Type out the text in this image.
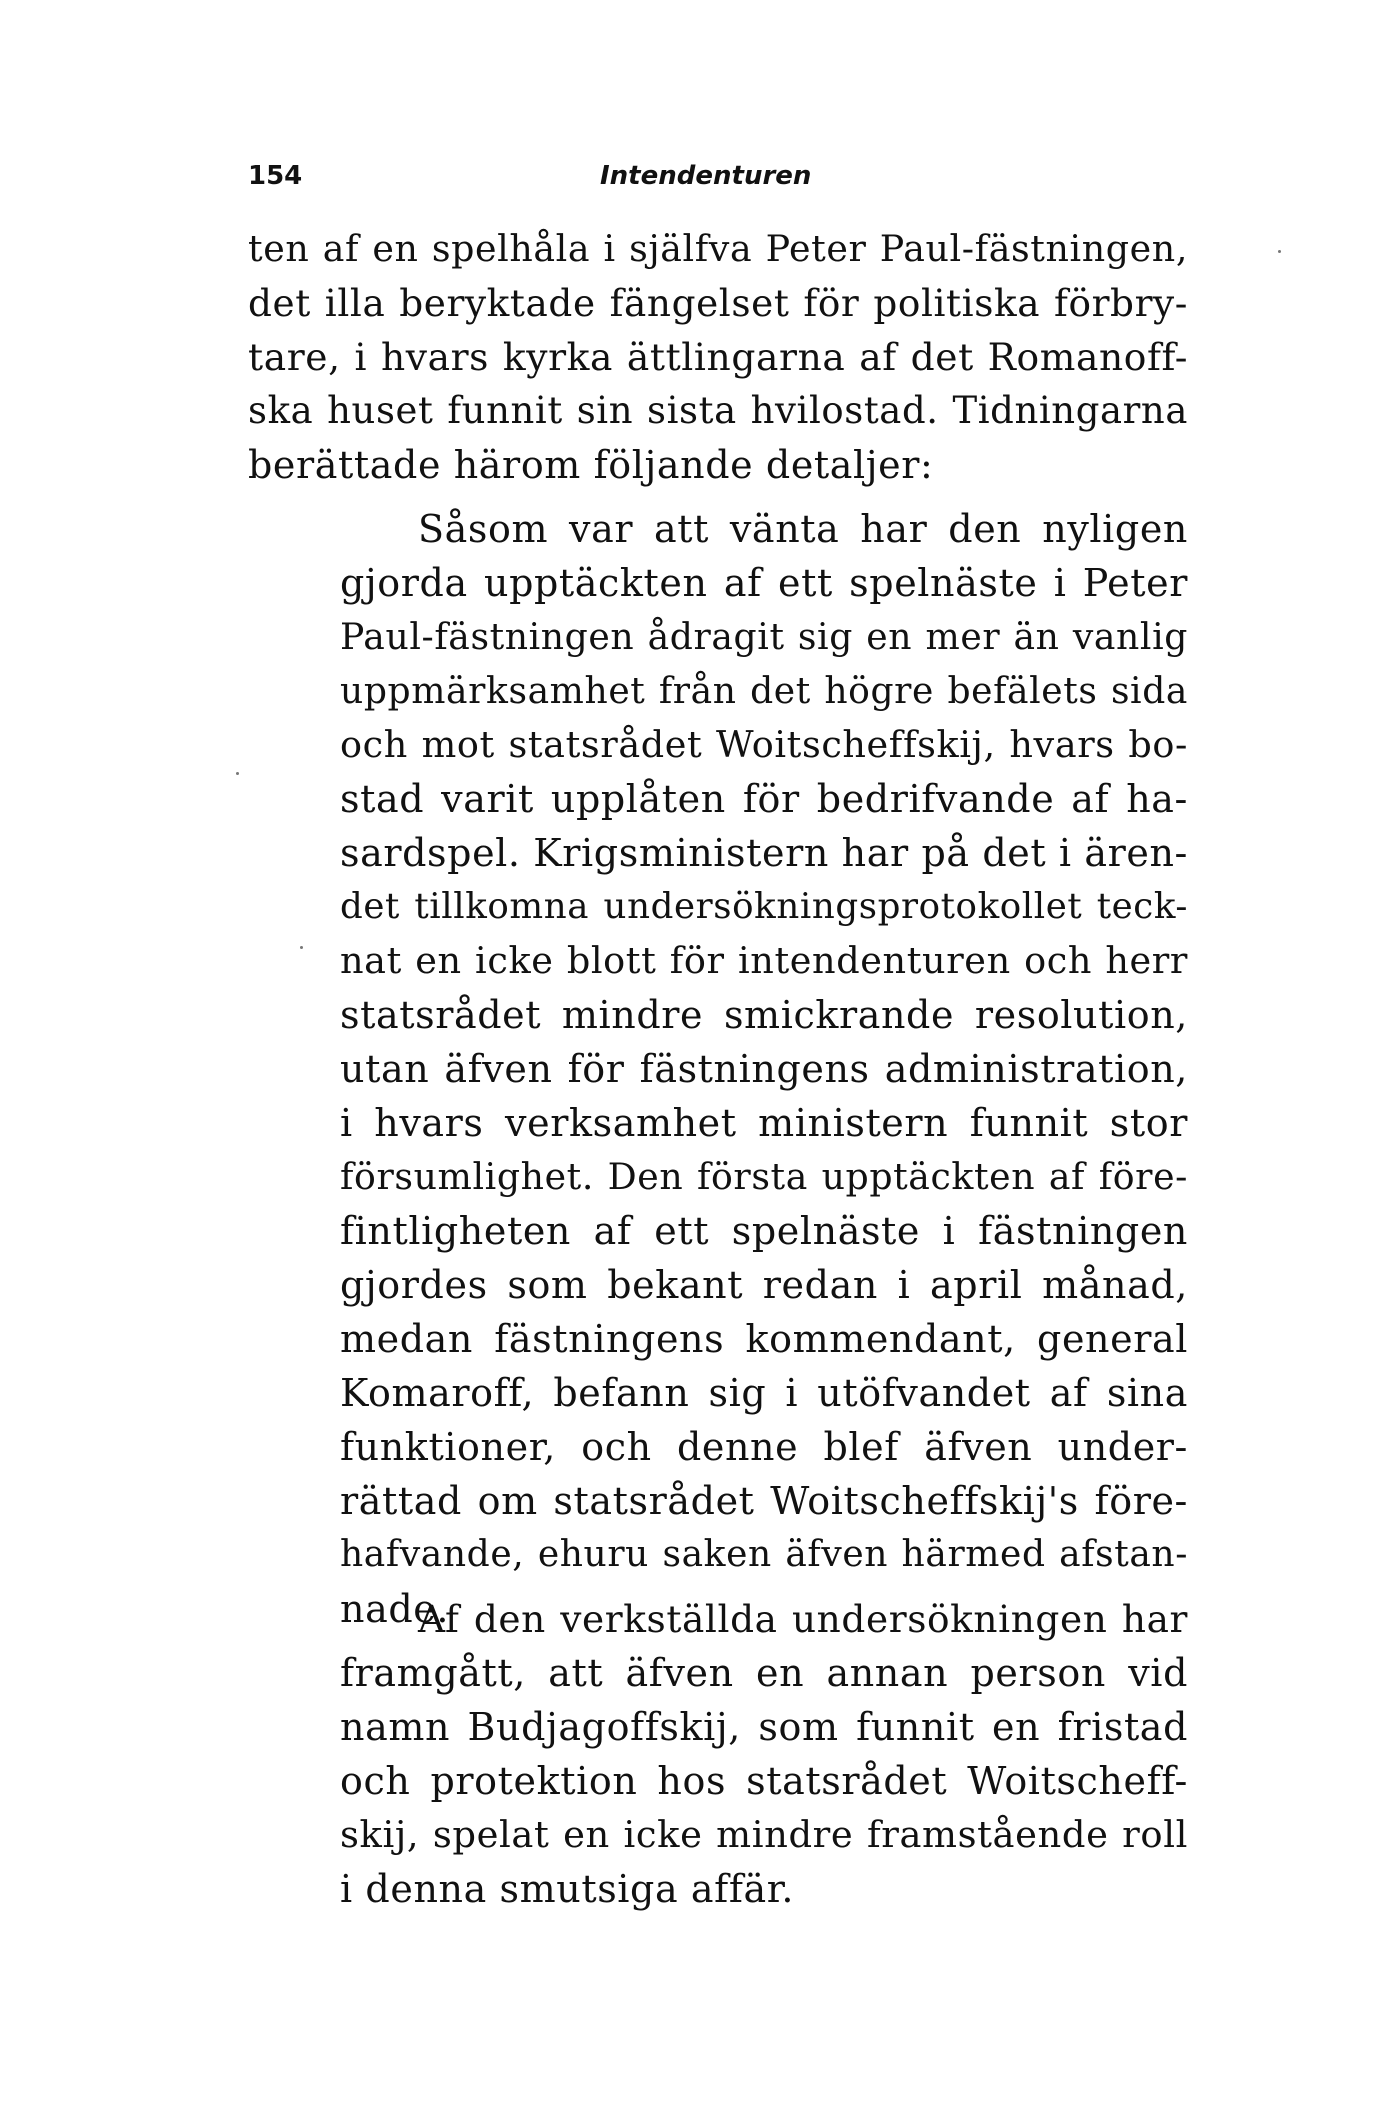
154	Intendenturen
ten af en spelhåla i själfva Peter Paul-fästningen,
det illa beryktade fängelset för politiska förbry-
tare, i hvars kyrka ättlingarna af det Romanoff-
ska huset funnit sin sista hvilostad. Tidningarna
berättade härom följande detaljer:
Såsom var att vänta har den nyligen
gjorda upptäckten af ett spelnäste i Peter
Paul-fästningen ådragit sig en mer än vanlig
uppmärksamhet från det högre befälets sida
och mot statsrådet Woitscheffskij, hvars bo-
stad varit upplåten för bedrifvande af ha-
sardspel. Krigsministern har på det i ären-
det tillkomna undersökningsprotokollet teck-
nat en icke blott för intendenturen och herr
statsrådet mindre smickrande resolution,
utan äfven för fästningens administration,
i hvars verksamhet ministern funnit stor
försumlighet. Den första upptäckten af före-
fintligheten af ett spelnäste i fästningen
gjordes som bekant redan i april månad,
medan fästningens kommendant, general
Komaroff, befann sig i utöfvandet af sina
funktioner, och denne blef äfven under-
rättad om statsrådet Woitscheffskij's före-
hafvande, ehuru saken äfven härmed afstan-
nade.
Af den verkställda undersökningen har
framgått, att äfven en annan person vid
namn Budjagoffskij, som funnit en fristad
och protektion hos statsrådet Woitscheff-
skij, spelat en icke mindre framstående roll
i denna smutsiga affär.
